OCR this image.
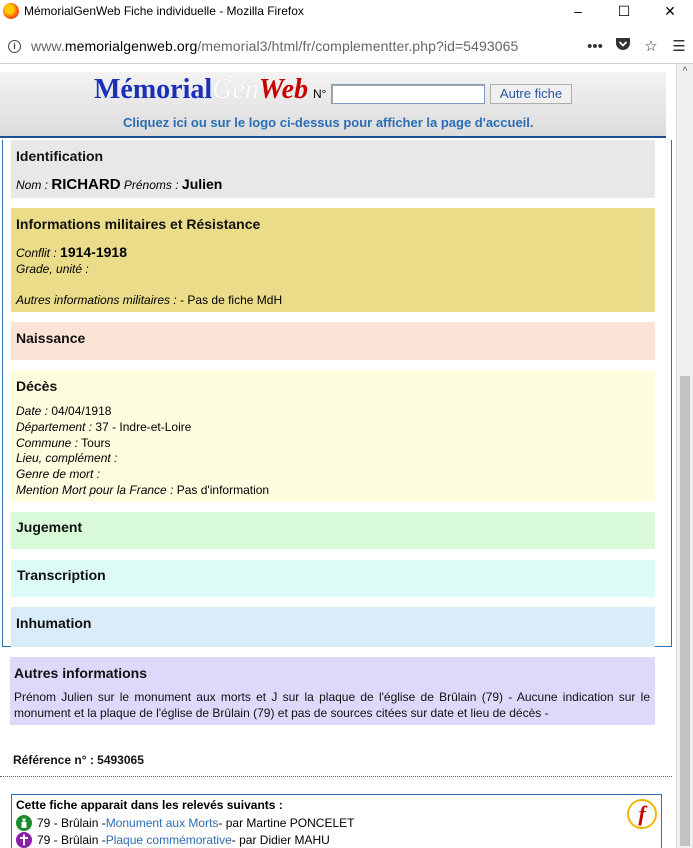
MémorialGenWeb Fiche individuelle - Mozilla Firefox	–	☐	✕
i	www.memorialgenweb.org/memorial3/html/fr/complementter.php?id=5493065	•••	☆ ☰
MémorialGenWeb N°	Autre fiche
Cliquez ici ou sur le logo ci-dessus pour afficher la page d'accueil.
Identification
Nom : RICHARD Prénoms : Julien
Informations militaires et Résistance
Conflit : 1914-1918
Grade, unité :
Autres informations militaires : - Pas de fiche MdH
Naissance
Décès
Date : 04/04/1918
Département : 37 - Indre-et-Loire
Commune : Tours
Lieu, complément :
Genre de mort :
Mention Mort pour la France : Pas d'information
Jugement
Transcription
Inhumation
Autres informations
Prénom Julien sur le monument aux morts et J sur la plaque de l'église de Brûlain (79) - Aucune indication sur le monument et la plaque de l'église de Brûlain (79) et pas de sources citées sur date et lieu de décès -
Référence n° : 5493065
Cette fiche apparait dans les relevés suivants :
79 - Brûlain - Monument aux Morts - par Martine PONCELET
79 - Brûlain - Plaque commémorative - par Didier MAHU
f
^
